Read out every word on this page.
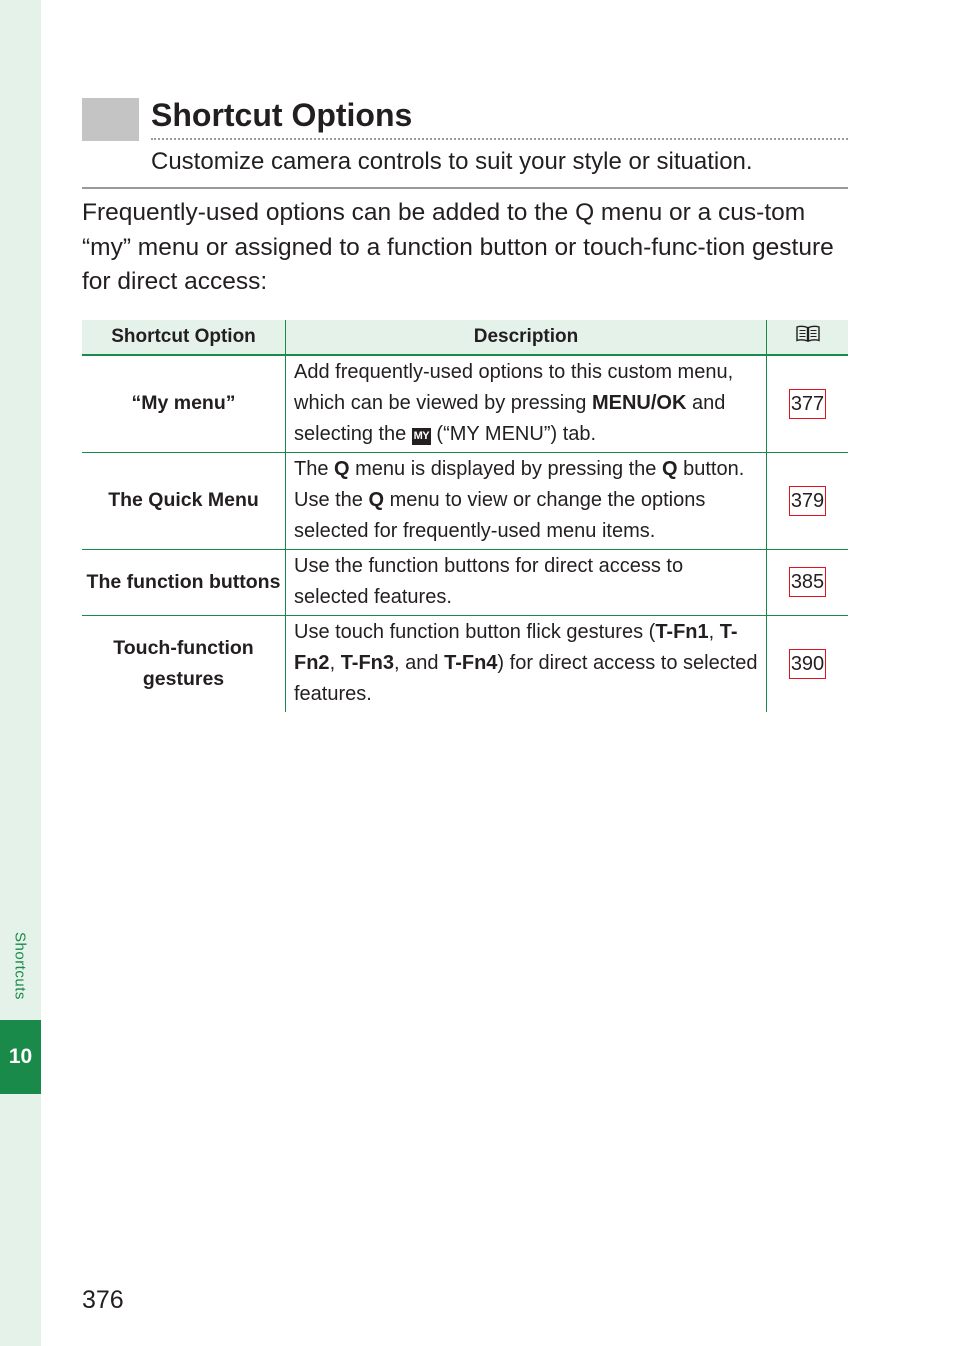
Shortcuts
10
Shortcut Options
Customize camera controls to suit your style or situation.

Frequently-used options can be added to the Q menu or a cus-tom “my” menu or assigned to a function button or touch-func-tion gesture for direct access:

Shortcut Option	Description	
“My menu”	Add frequently-used options to this custom menu, which can be viewed by pressing MENU/OK and selecting the MY (“MY MENU”) tab.	377
The Quick Menu	The Q menu is displayed by pressing the Q button. Use the Q menu to view or change the options selected for frequently-used menu items.	379
The function buttons	Use the function buttons for direct access to selected features.	385
Touch-function gestures	Use touch function button flick gestures (T-Fn1, T-Fn2, T-Fn3, and T-Fn4) for direct access to selected features.	390
376
